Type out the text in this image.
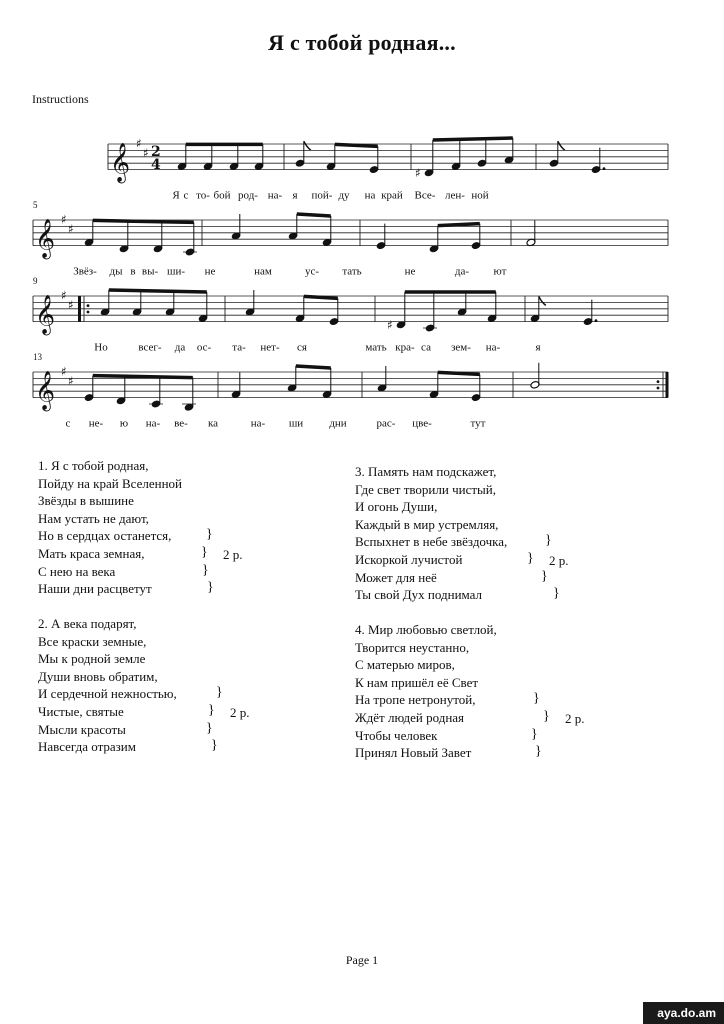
Я с тобой родная...
Instructions
𝄞 ♯
♯ 2
4	♯
Я с то- бой род- на- я пой- ду на край Все- лен- ной
𝄞 ♯
♯
5
Звёз- ды в вы- ши- не	нам	ус- тать	не	да- ют
𝄞 ♯
♯
9
♯
Но	всег- да ос- та- нет- ся	мать кра- са зем- на-	я
𝄞 ♯
♯
13
с не- ю на- ве- ка	на- ши дни	рас- цве-	тут
1. Я с тобой родная,
Пойду на край Вселенной
Звёзды в вышине
Нам устать не дают,
Но в сердцах останется,
Мать краса земная,
С нею на века
Наши дни расцветут
}
}
}
}
2 р.
2. А века подарят,
Все краски земные,
Мы к родной земле
Души вновь обратим,
И сердечной нежностью,
Чистые, святые
Мысли красоты
Навсегда отразим
}
}
}
}
2 р.
3. Память нам подскажет,
Где свет творили чистый,
И огонь Души,
Каждый в мир устремляя,
Вспыхнет в небе звёздочка,
Искоркой лучистой
Может для неё
Ты свой Дух поднимал
}
}
}
}
2 р.
4. Мир любовью светлой,
Творится неустанно,
С матерью миров,
К нам пришёл её Свет
На тропе нетронутой,
Ждёт людей родная
Чтобы человек
Принял Новый Завет
}
}
}
}
2 р.
Page 1
aya.do.am
